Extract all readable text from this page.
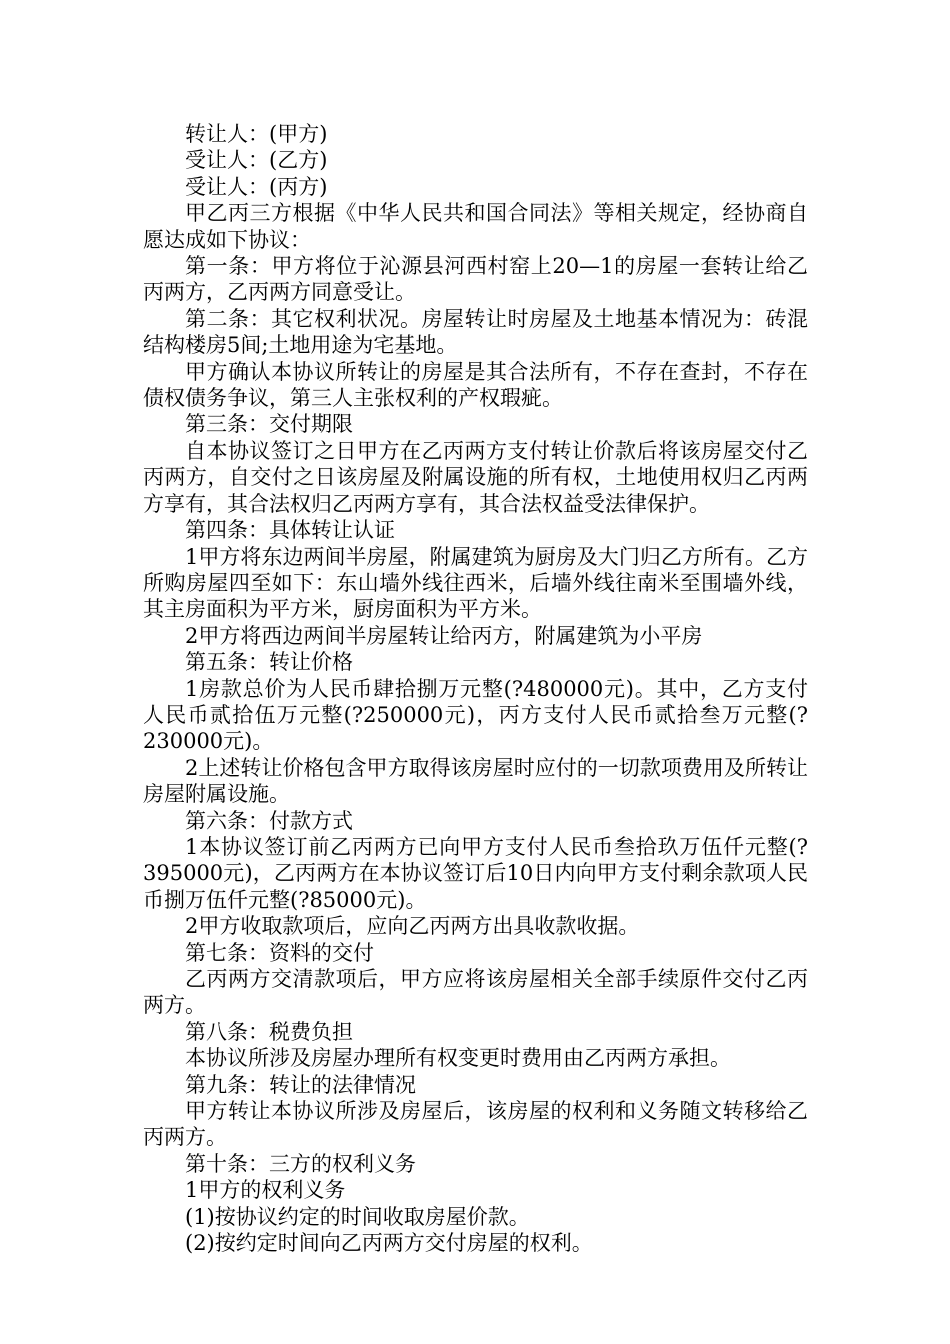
转让人：(甲方)

受让人：(乙方)

受让人：(丙方)

甲乙丙三方根据《中华人民共和国合同法》等相关规定，经协商自愿达成如下协议：

第一条：甲方将位于沁源县河西村窑上20—1的房屋一套转让给乙丙两方，乙丙两方同意受让。

第二条：其它权利状况。房屋转让时房屋及土地基本情况为：砖混结构楼房5间;土地用途为宅基地。

甲方确认本协议所转让的房屋是其合法所有，不存在查封，不存在债权债务争议，第三人主张权利的产权瑕疵。

第三条：交付期限

自本协议签订之日甲方在乙丙两方支付转让价款后将该房屋交付乙丙两方，自交付之日该房屋及附属设施的所有权，土地使用权归乙丙两方享有，其合法权归乙丙两方享有，其合法权益受法律保护。

第四条：具体转让认证

1甲方将东边两间半房屋，附属建筑为厨房及大门归乙方所有。乙方所购房屋四至如下：东山墙外线往西米，后墙外线往南米至围墙外线，其主房面积为平方米，厨房面积为平方米。

2甲方将西边两间半房屋转让给丙方，附属建筑为小平房

第五条：转让价格

1房款总价为人民币肆拾捌万元整(?480000元)。其中，乙方支付人民币贰拾伍万元整(?250000元)，丙方支付人民币贰拾叁万元整(?230000元)。

2上述转让价格包含甲方取得该房屋时应付的一切款项费用及所转让房屋附属设施。

第六条：付款方式

1本协议签订前乙丙两方已向甲方支付人民币叁拾玖万伍仟元整(?395000元)，乙丙两方在本协议签订后10日内向甲方支付剩余款项人民币捌万伍仟元整(?85000元)。

2甲方收取款项后，应向乙丙两方出具收款收据。

第七条：资料的交付

乙丙两方交清款项后，甲方应将该房屋相关全部手续原件交付乙丙两方。

第八条：税费负担

本协议所涉及房屋办理所有权变更时费用由乙丙两方承担。

第九条：转让的法律情况

甲方转让本协议所涉及房屋后，该房屋的权利和义务随文转移给乙丙两方。

第十条：三方的权利义务

1甲方的权利义务

(1)按协议约定的时间收取房屋价款。

(2)按约定时间向乙丙两方交付房屋的权利。
